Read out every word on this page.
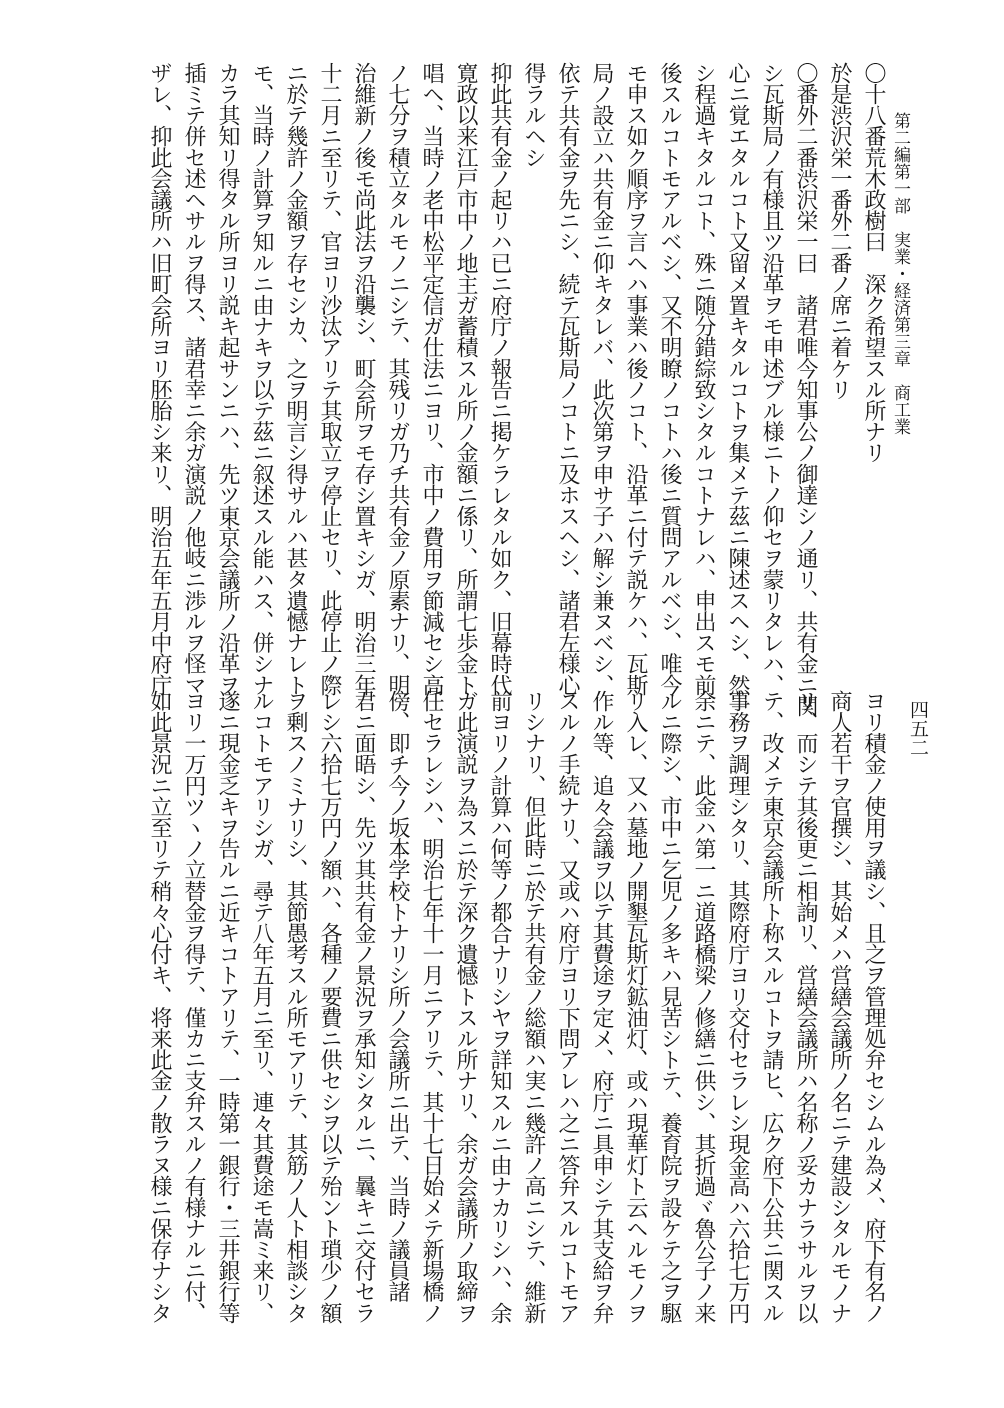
第二編第一部　実業・経済第三章　商工業
四五二
〇十八番荒木政樹曰　深ク希望スル所ナリ
於是渋沢栄一番外二番ノ席ニ着ケリ
〇番外二番渋沢栄一曰　諸君唯今知事公ノ御達シノ通リ、共有金ニ関
シ瓦斯局ノ有様且ツ沿革ヲモ申述ブル様ニトノ仰セヲ蒙リタレハ、
心ニ覚エタルコト又留メ置キタルコトヲ集メテ茲ニ陳述スヘシ、然
シ程過キタルコト、殊ニ随分錯綜致シタルコトナレハ、申出スモ前
後スルコトモアルベシ、又不明瞭ノコトハ後ニ質問アルベシ、唯今
モ申ス如ク順序ヲ言ヘハ事業ハ後ノコト、沿革ニ付テ説ケハ、瓦斯
局ノ設立ハ共有金ニ仰キタレバ、此次第ヲ申サ子ハ解シ兼ヌベシ、
依テ共有金ヲ先ニシ、続テ瓦斯局ノコトニ及ホスヘシ、諸君左様心
得ラルヘシ
抑此共有金ノ起リハ已ニ府庁ノ報告ニ掲ケラレタル如ク、旧幕時代
寛政以来江戸市中ノ地主ガ蓄積スル所ノ金額ニ係リ、所謂七歩金ト
唱ヘ、当時ノ老中松平定信ガ仕法ニヨリ、市中ノ費用ヲ節減セシ高
ノ七分ヲ積立タルモノニシテ、其残リガ乃チ共有金ノ原素ナリ、明
治維新ノ後モ尚此法ヲ沿襲シ、町会所ヲモ存シ置キシガ、明治三年
十二月ニ至リテ、官ヨリ沙汰アリテ其取立ヲ停止セリ、此停止ノ際
ニ於テ幾許ノ金額ヲ存セシカ、之ヲ明言シ得サルハ甚タ遺憾ナレト
モ、当時ノ計算ヲ知ルニ由ナキヲ以テ茲ニ叙述スル能ハス、併シナ
カラ其知リ得タル所ヨリ説キ起サンニハ、先ツ東京会議所ノ沿革ヲ
插ミテ併セ述ヘサルヲ得ス、諸君幸ニ余ガ演説ノ他岐ニ渉ルヲ怪マ
ザレ、抑此会議所ハ旧町会所ヨリ胚胎シ来リ、明治五年五月中府庁
ヨリ積金ノ使用ヲ議シ、且之ヲ管理処弁セシムル為メ、府下有名ノ
商人若干ヲ官撰シ、其始メハ営繕会議所ノ名ニテ建設シタルモノナ
リ、而シテ其後更ニ相詢リ、営繕会議所ハ名称ノ妥カナラサルヲ以
テ、改メテ東京会議所ト称スルコトヲ請ヒ、広ク府下公共ニ関スル
事務ヲ調理シタリ、其際府庁ヨリ交付セラレシ現金高ハ六拾七万円
余ニテ、此金ハ第一ニ道路橋梁ノ修繕ニ供シ、其折過ヾ魯公子ノ来
ルニ際シ、市中ニ乞児ノ多キハ見苦シトテ、養育院ヲ設ケテ之ヲ駆
リ入レ、又ハ墓地ノ開墾瓦斯灯鉱油灯、或ハ現華灯ト云ヘルモノヲ
作ル等、追々会議ヲ以テ其費途ヲ定メ、府庁ニ具申シテ其支給ヲ弁
スルノ手続ナリ、又或ハ府庁ヨリ下問アレハ之ニ答弁スルコトモア
リシナリ、但此時ニ於テ共有金ノ総額ハ実ニ幾許ノ高ニシテ、維新
前ヨリノ計算ハ何等ノ都合ナリシヤヲ詳知スルニ由ナカリシハ、余
ガ此演説ヲ為スニ於テ深ク遺憾トスル所ナリ、余ガ会議所ノ取締ヲ
任セラレシハ、明治七年十一月ニアリテ、其十七日始メテ新場橋ノ
傍、即チ今ノ坂本学校トナリシ所ノ会議所ニ出テ、当時ノ議員諸
君ニ面晤シ、先ツ其共有金ノ景況ヲ承知シタルニ、曩キニ交付セラ
レシ六拾七万円ノ額ハ、各種ノ要費ニ供セシヲ以テ殆ント瑣少ノ額
ヲ剰スノミナリシ、其節愚考スル所モアリテ、其筋ノ人ト相談シタ
ルコトモアリシガ、尋テ八年五月ニ至リ、連々其費途モ嵩ミ来リ、
遂ニ現金乏キヲ告ルニ近キコトアリテ、一時第一銀行・三井銀行等
ヨリ一万円ツヽノ立替金ヲ得テ、僅カニ支弁スルノ有様ナルニ付、
如此景況ニ立至リテ稍々心付キ、将来此金ノ散ラヌ様ニ保存ナシタ
